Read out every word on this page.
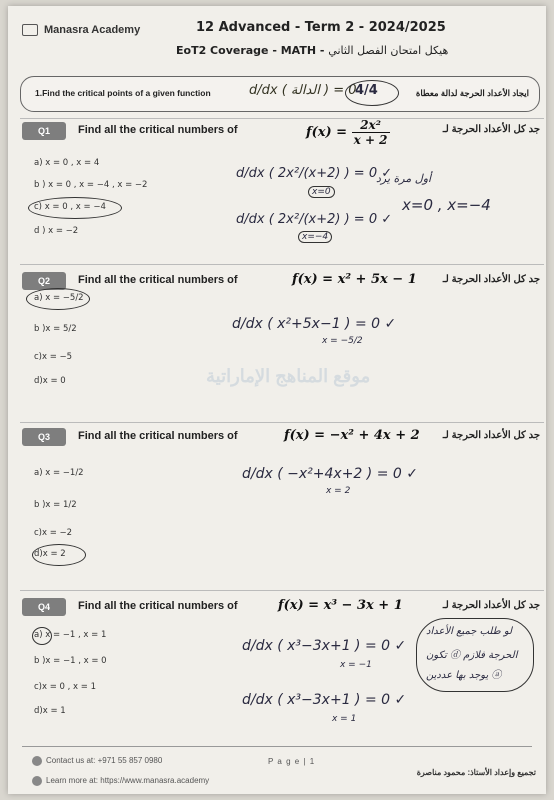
Manasra Academy	12 Advanced - Term 2 - 2024/2025
EoT2 Coverage - MATH - هيكل امتحان الفصل الثاني
1.Find the critical points of a given function	d/dx ( الدالة ) = 0
4/4	ايجاد الأعداد الحرجة لدالة معطاة
Q1	Find all the critical numbers of	جد كل الأعداد الحرجة لـ
$f(x) = \frac{\text{2x²}}{x + 2}$
a) x = 0 , x = 4
b ) x = 0 , x = −4 , x = −2
c) x = 0 , x = −4
d ) x = −2
d/dx ( 2x²/(x+2) ) = 0 ✓
x=0
أول مرة يرد
d/dx ( 2x²/(x+2) ) = 0 ✓
x=−4
x=0 , x=−4
Q2	Find all the critical numbers of	جد كل الأعداد الحرجة لـ
f(x) = x² + 5x − 1
a) x = −5/2
b )x = 5/2
c)x = −5
d)x = 0
d/dx ( x²+5x−1 ) = 0 ✓
x = −5/2
موقع المناهج الإماراتية
Q3	Find all the critical numbers of	جد كل الأعداد الحرجة لـ
f(x) = −x² + 4x + 2
a) x = −1/2
b )x = 1/2
c)x = −2
d)x = 2
d/dx ( −x²+4x+2 ) = 0 ✓
x = 2
Q4	Find all the critical numbers of	جد كل الأعداد الحرجة لـ
f(x) = x³ − 3x + 1
a) x = −1 , x = 1
b )x = −1 , x = 0
c)x = 0 , x = 1
d)x = 1
d/dx ( x³−3x+1 ) = 0 ✓
x = −1
d/dx ( x³−3x+1 ) = 0 ✓
x = 1
لو طلب جميع الأعداد
الحرجة فلازم ⓓ تكون
ⓐ يوجد بها عددين
Contact us at: +971 55 857 0980	P a g e | 1
Learn more at: https://www.manasra.academy
تجميع وإعداد الأستاذ: محمود مناصرة
